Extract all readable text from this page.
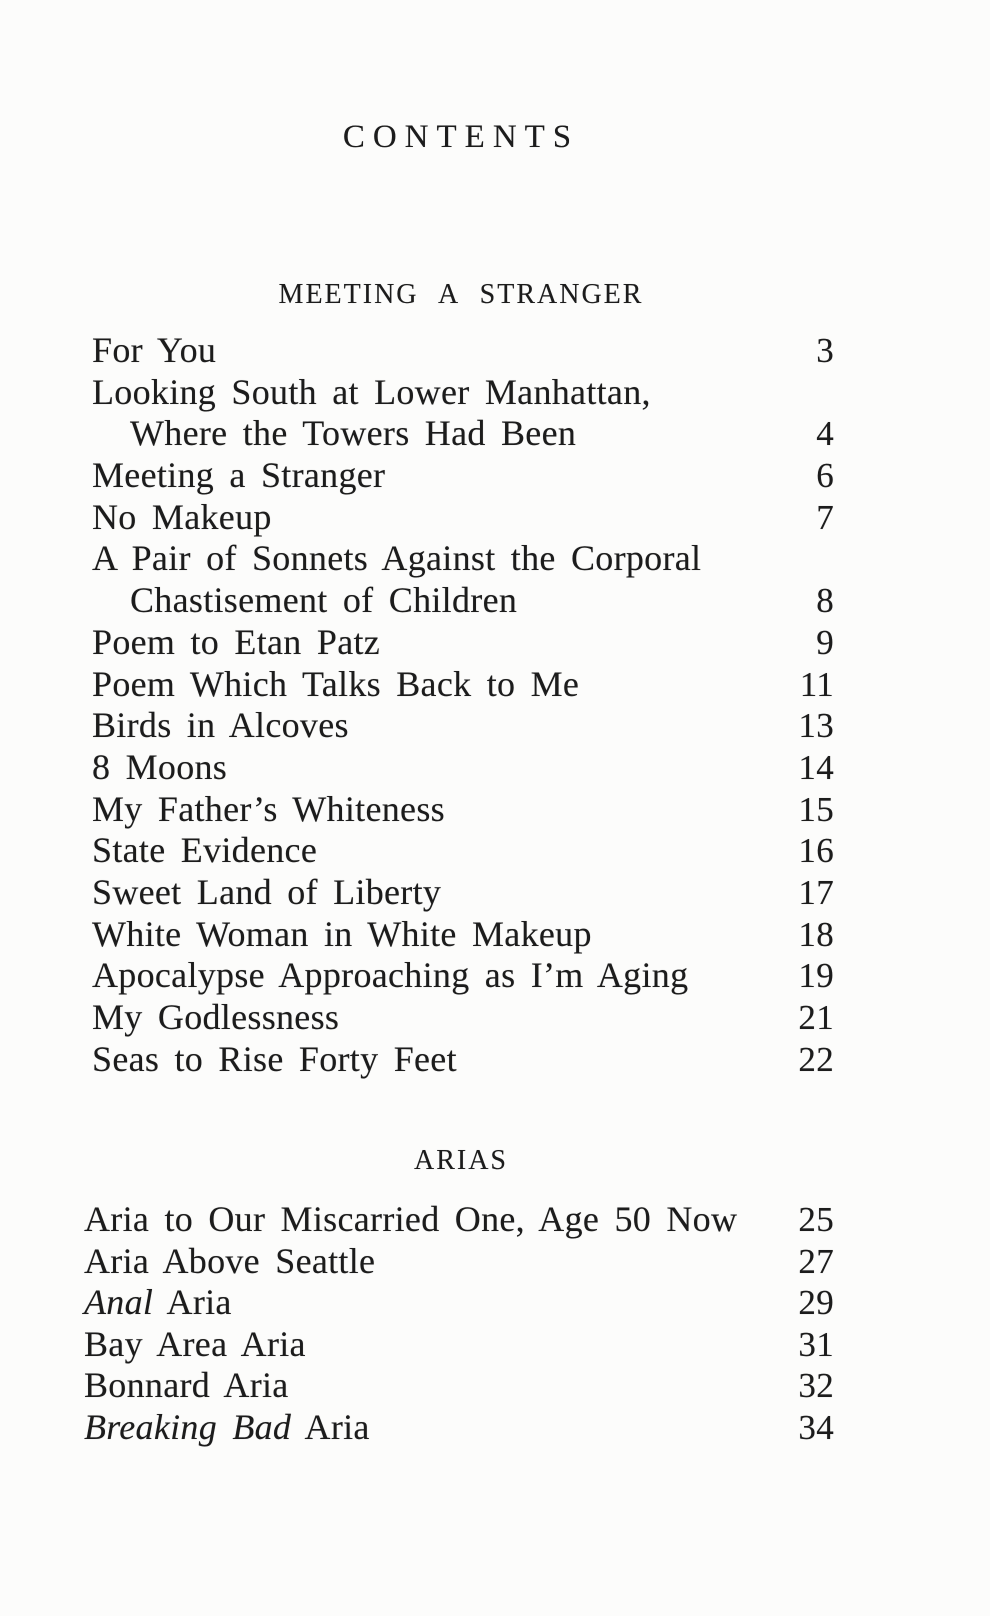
CONTENTS
MEETING A STRANGER
For You	3
Looking South at Lower Manhattan,
Where the Towers Had Been	4
Meeting a Stranger	6
No Makeup	7
A Pair of Sonnets Against the Corporal
Chastisement of Children	8
Poem to Etan Patz	9
Poem Which Talks Back to Me	11
Birds in Alcoves	13
8 Moons	14
My Father’s Whiteness	15
State Evidence	16
Sweet Land of Liberty	17
White Woman in White Makeup	18
Apocalypse Approaching as I’m Aging	19
My Godlessness	21
Seas to Rise Forty Feet	22
ARIAS
Aria to Our Miscarried One, Age 50 Now	25
Aria Above Seattle	27
Anal Aria	29
Bay Area Aria	31
Bonnard Aria	32
Breaking Bad Aria	34
